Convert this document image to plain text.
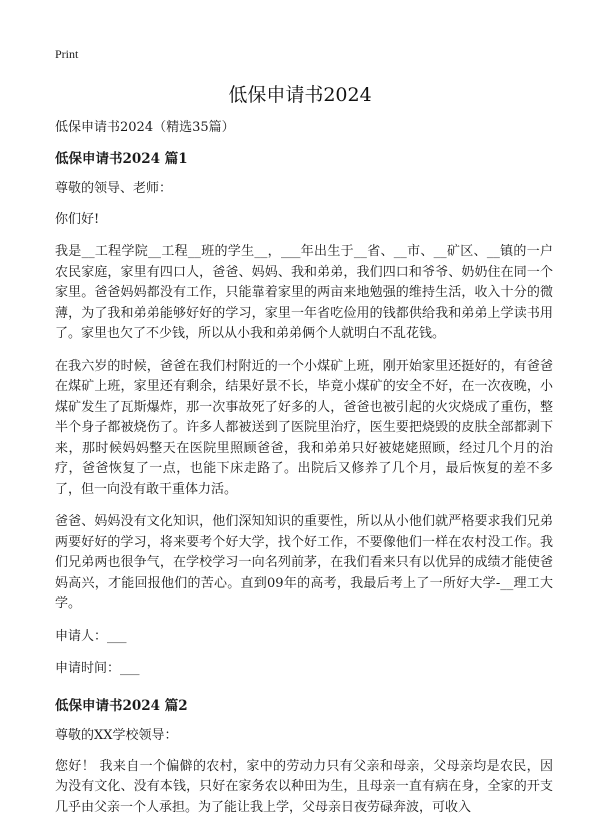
Print
低保申请书2024

低保申请书2024（精选35篇）

低保申请书2024 篇1

尊敬的领导、老师：

你们好!

我是__工程学院__工程__班的学生__，___年出生于__省、__市、__矿区、__镇的一户农民家庭，家里有四口人，爸爸、妈妈、我和弟弟，我们四口和爷爷、奶奶住在同一个家里。爸爸妈妈都没有工作，只能靠着家里的两亩来地勉强的维持生活，收入十分的微薄，为了我和弟弟能够好好的学习，家里一年省吃俭用的钱都供给我和弟弟上学读书用了。家里也欠了不少钱，所以从小我和弟弟俩个人就明白不乱花钱。

在我六岁的时候，爸爸在我们村附近的一个小煤矿上班，刚开始家里还挺好的，有爸爸在煤矿上班，家里还有剩余，结果好景不长，毕竟小煤矿的安全不好，在一次夜晚，小煤矿发生了瓦斯爆炸，那一次事故死了好多的人，爸爸也被引起的火灾烧成了重伤，整半个身子都被烧伤了。许多人都被送到了医院里治疗，医生要把烧毁的皮肤全部都剥下来，那时候妈妈整天在医院里照顾爸爸，我和弟弟只好被姥姥照顾，经过几个月的治疗，爸爸恢复了一点，也能下床走路了。出院后又修养了几个月，最后恢复的差不多了，但一向没有敢干重体力活。

爸爸、妈妈没有文化知识，他们深知知识的重要性，所以从小他们就严格要求我们兄弟两要好好的学习，将来要考个好大学，找个好工作，不要像他们一样在农村没工作。我们兄弟两也很争气，在学校学习一向名列前茅，在我们看来只有以优异的成绩才能使爸妈高兴，才能回报他们的苦心。直到09年的高考，我最后考上了一所好大学-__理工大学。

申请人：___

申请时间：___

低保申请书2024 篇2

尊敬的XX学校领导：

您好！ 我来自一个偏僻的农村，家中的劳动力只有父亲和母亲，父母亲均是农民，因为没有文化、没有本钱，只好在家务农以种田为生，且母亲一直有病在身，全家的开支几乎由父亲一个人承担。为了能让我上学，父母亲日夜劳碌奔波，可收入
